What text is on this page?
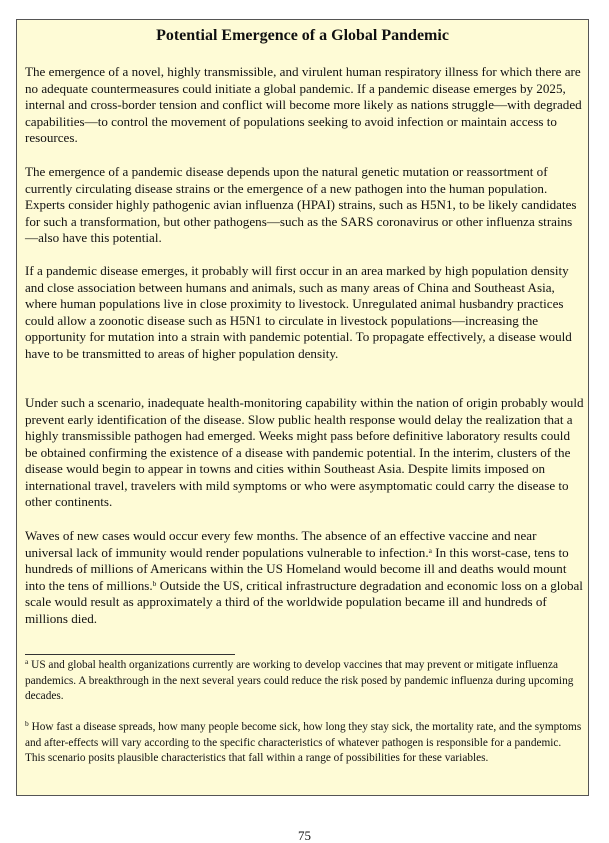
Potential Emergence of a Global Pandemic

The emergence of a novel, highly transmissible, and virulent human respiratory illness for which there are no adequate countermeasures could initiate a global pandemic. If a pandemic disease emerges by 2025, internal and cross-border tension and conflict will become more likely as nations struggle—with degraded capabilities—to control the movement of populations seeking to avoid infection or maintain access to resources.

The emergence of a pandemic disease depends upon the natural genetic mutation or reassortment of currently circulating disease strains or the emergence of a new pathogen into the human population. Experts consider highly pathogenic avian influenza (HPAI) strains, such as H5N1, to be likely candidates for such a transformation, but other pathogens—such as the SARS coronavirus or other influenza strains—also have this potential.

If a pandemic disease emerges, it probably will first occur in an area marked by high population density and close association between humans and animals, such as many areas of China and Southeast Asia, where human populations live in close proximity to livestock. Unregulated animal husbandry practices could allow a zoonotic disease such as H5N1 to circulate in livestock populations—increasing the opportunity for mutation into a strain with pandemic potential. To propagate effectively, a disease would have to be transmitted to areas of higher population density.

Under such a scenario, inadequate health-monitoring capability within the nation of origin probably would prevent early identification of the disease. Slow public health response would delay the realization that a highly transmissible pathogen had emerged. Weeks might pass before definitive laboratory results could be obtained confirming the existence of a disease with pandemic potential. In the interim, clusters of the disease would begin to appear in towns and cities within Southeast Asia. Despite limits imposed on international travel, travelers with mild symptoms or who were asymptomatic could carry the disease to other continents.

Waves of new cases would occur every few months. The absence of an effective vaccine and near universal lack of immunity would render populations vulnerable to infection.$^a$ In this worst-case, tens to hundreds of millions of Americans within the US Homeland would become ill and deaths would mount into the tens of millions.$^b$ Outside the US, critical infrastructure degradation and economic loss on a global scale would result as approximately a third of the worldwide population became ill and hundreds of millions died.

$^a$ US and global health organizations currently are working to develop vaccines that may prevent or mitigate influenza pandemics. A breakthrough in the next several years could reduce the risk posed by pandemic influenza during upcoming decades.

$^b$ How fast a disease spreads, how many people become sick, how long they stay sick, the mortality rate, and the symptoms and after-effects will vary according to the specific characteristics of whatever pathogen is responsible for a pandemic. This scenario posits plausible characteristics that fall within a range of possibilities for these variables.

75
